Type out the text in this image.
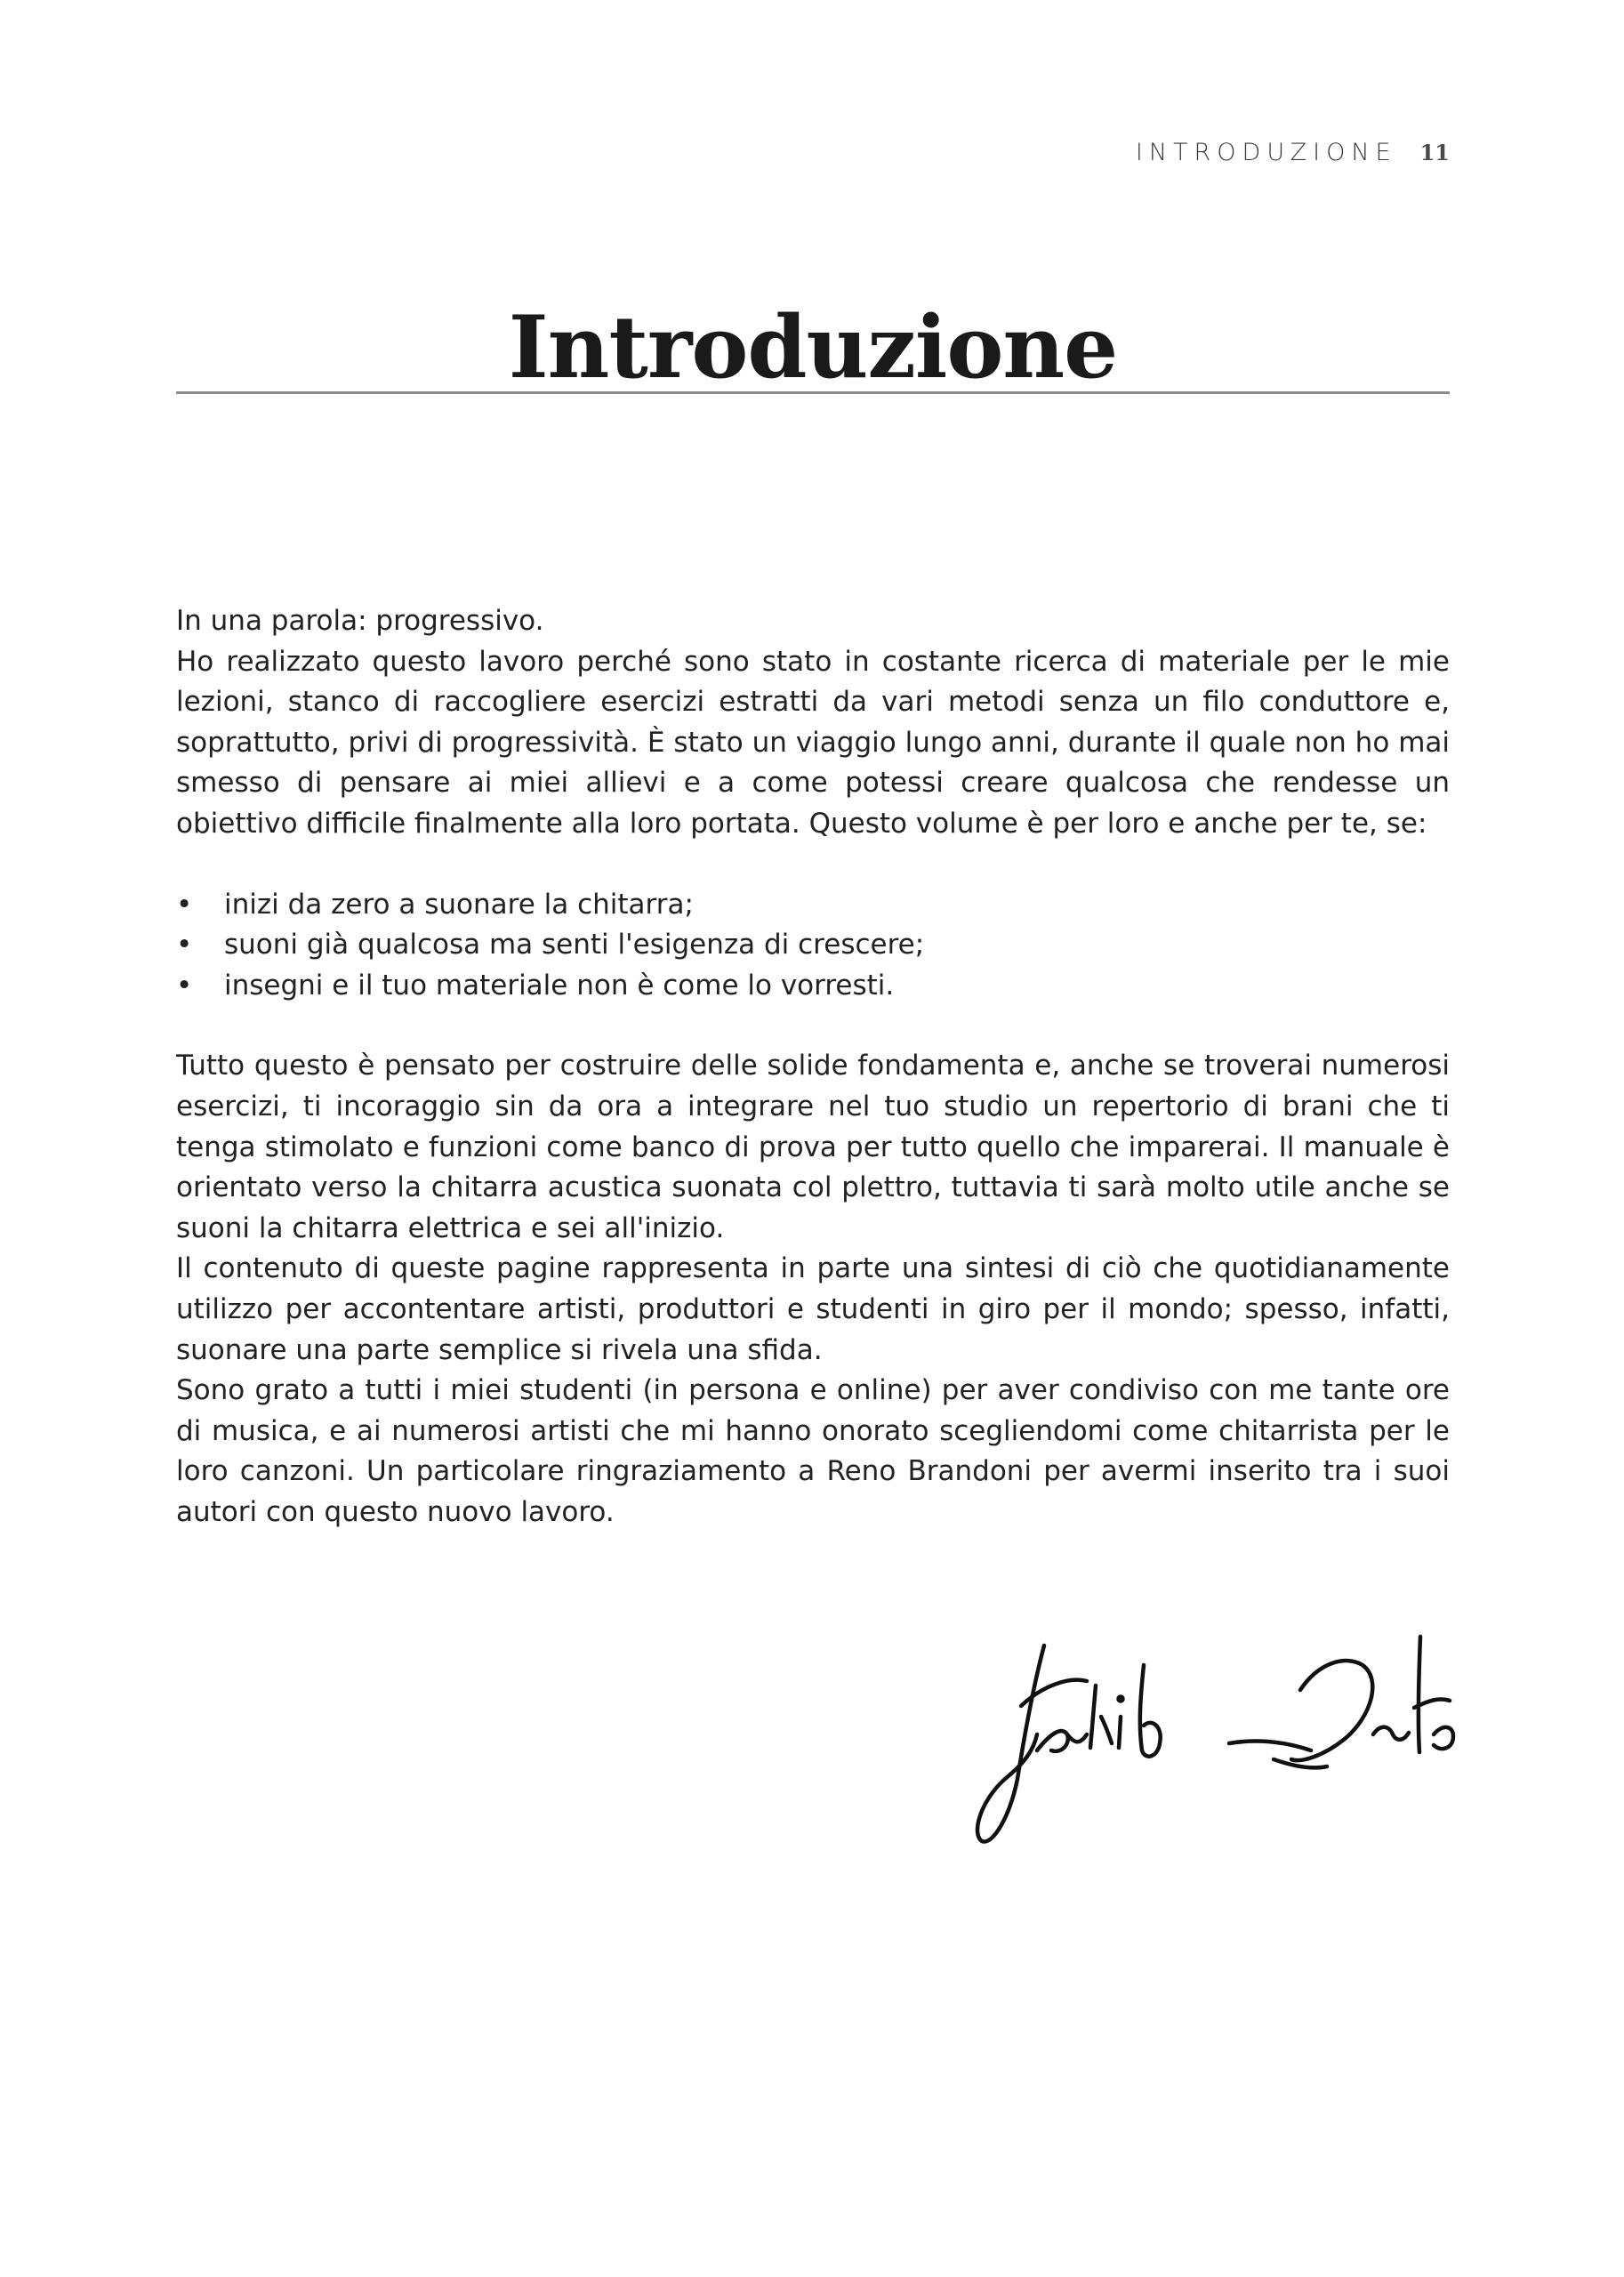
INTRODUZIONE 11
Introduzione

In una parola: progressivo.

Ho realizzato questo lavoro perché sono stato in costante ricerca di materiale per le mie lezioni, stanco di raccogliere esercizi estratti da vari metodi senza un filo conduttore e, soprattutto, privi di progressività. È stato un viaggio lungo anni, durante il quale non ho mai smesso di pensare ai miei allievi e a come potessi creare qualcosa che rendesse un obiettivo difficile finalmente alla loro portata. Questo volume è per loro e anche per te, se:

• inizi da zero a suonare la chitarra;
• suoni già qualcosa ma senti l'esigenza di crescere;
• insegni e il tuo materiale non è come lo vorresti.

Tutto questo è pensato per costruire delle solide fondamenta e, anche se troverai numerosi esercizi, ti incoraggio sin da ora a integrare nel tuo studio un repertorio di brani che ti tenga stimolato e funzioni come banco di prova per tutto quello che imparerai. Il manuale è orientato verso la chitarra acustica suonata col plettro, tuttavia ti sarà molto utile anche se suoni la chitarra elettrica e sei all'inizio.

Il contenuto di queste pagine rappresenta in parte una sintesi di ciò che quotidianamente utilizzo per accontentare artisti, produttori e studenti in giro per il mondo; spesso, infatti, suonare una parte semplice si rivela una sfida.

Sono grato a tutti i miei studenti (in persona e online) per aver condiviso con me tante ore di musica, e ai numerosi artisti che mi hanno onorato scegliendomi come chitarrista per le loro canzoni. Un particolare ringraziamento a Reno Brandoni per avermi inserito tra i suoi autori con questo nuovo lavoro.
